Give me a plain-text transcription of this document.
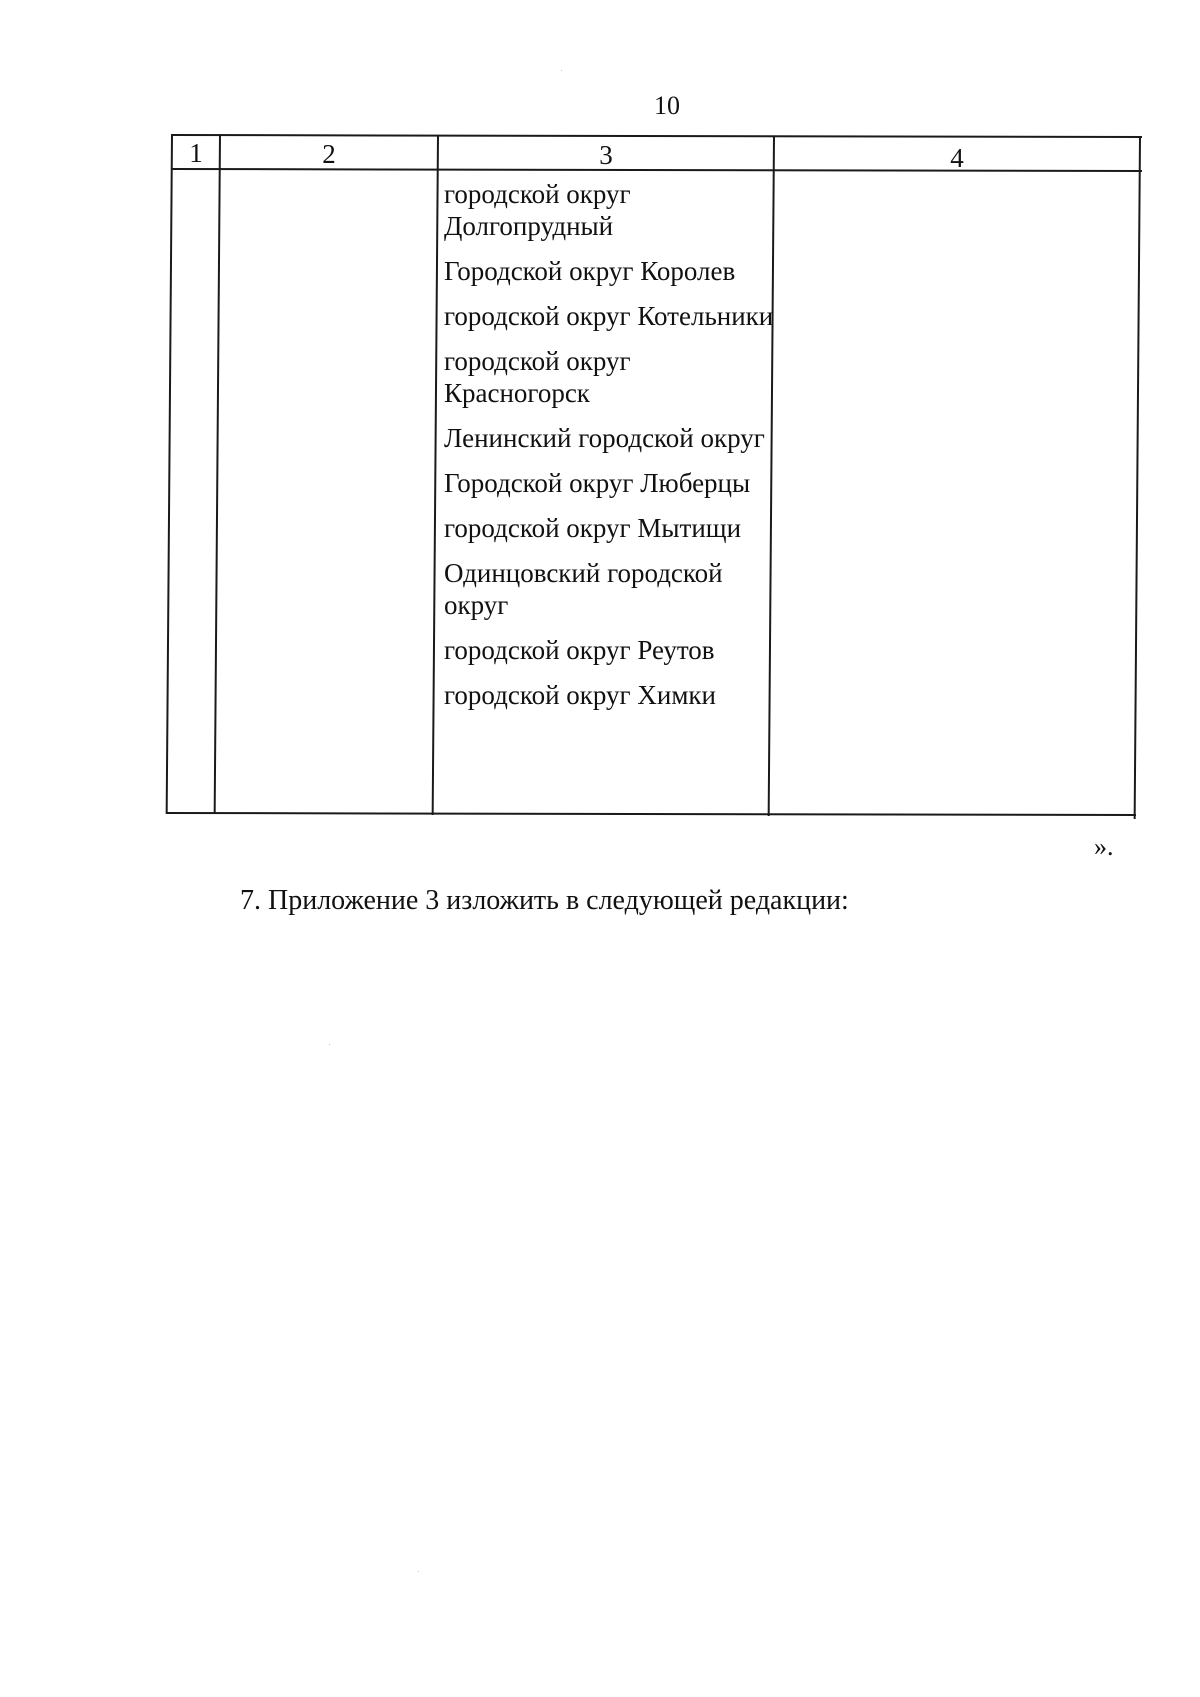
10
1	2	3	4
городской округ Долгопрудный
Городской округ Королев
городской округ Котельники
городской округ Красногорск
Ленинский городской округ
Городской округ Люберцы
городской округ Мытищи
Одинцовский городской округ
городской округ Реутов
городской округ Химки
».
7. Приложение 3 изложить в следующей редакции:
